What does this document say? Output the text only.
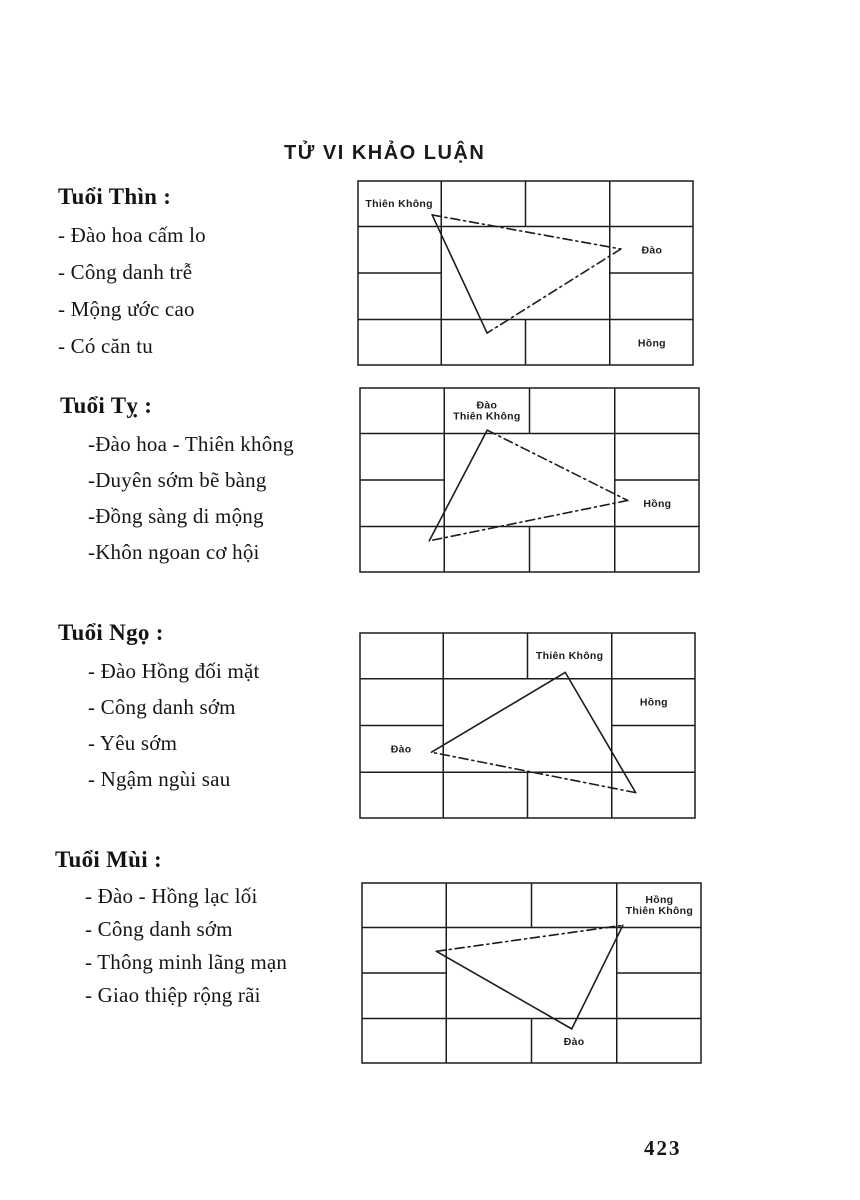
TỬ VI KHẢO LUẬN
Tuổi Thìn :
- Đào hoa cấm lo
- Công danh trễ
- Mộng ước cao
- Có căn tu
Tuổi Tỵ :
-Đào hoa - Thiên không
-Duyên sớm bẽ bàng
-Đồng sàng di mộng
-Khôn ngoan cơ hội
Tuổi Ngọ :
- Đào Hồng đối mặt
- Công danh sớm
- Yêu sớm
- Ngậm ngùi sau
Tuổi Mùi :
- Đào - Hồng lạc lối
- Công danh sớm
- Thông minh lãng mạn
- Giao thiệp rộng rãi
Thiên Không
Đào
Hồng
Đào Thiên Không
Hồng
Thiên Không
Hồng
Đào
Hồng Thiên Không
Đào
423
